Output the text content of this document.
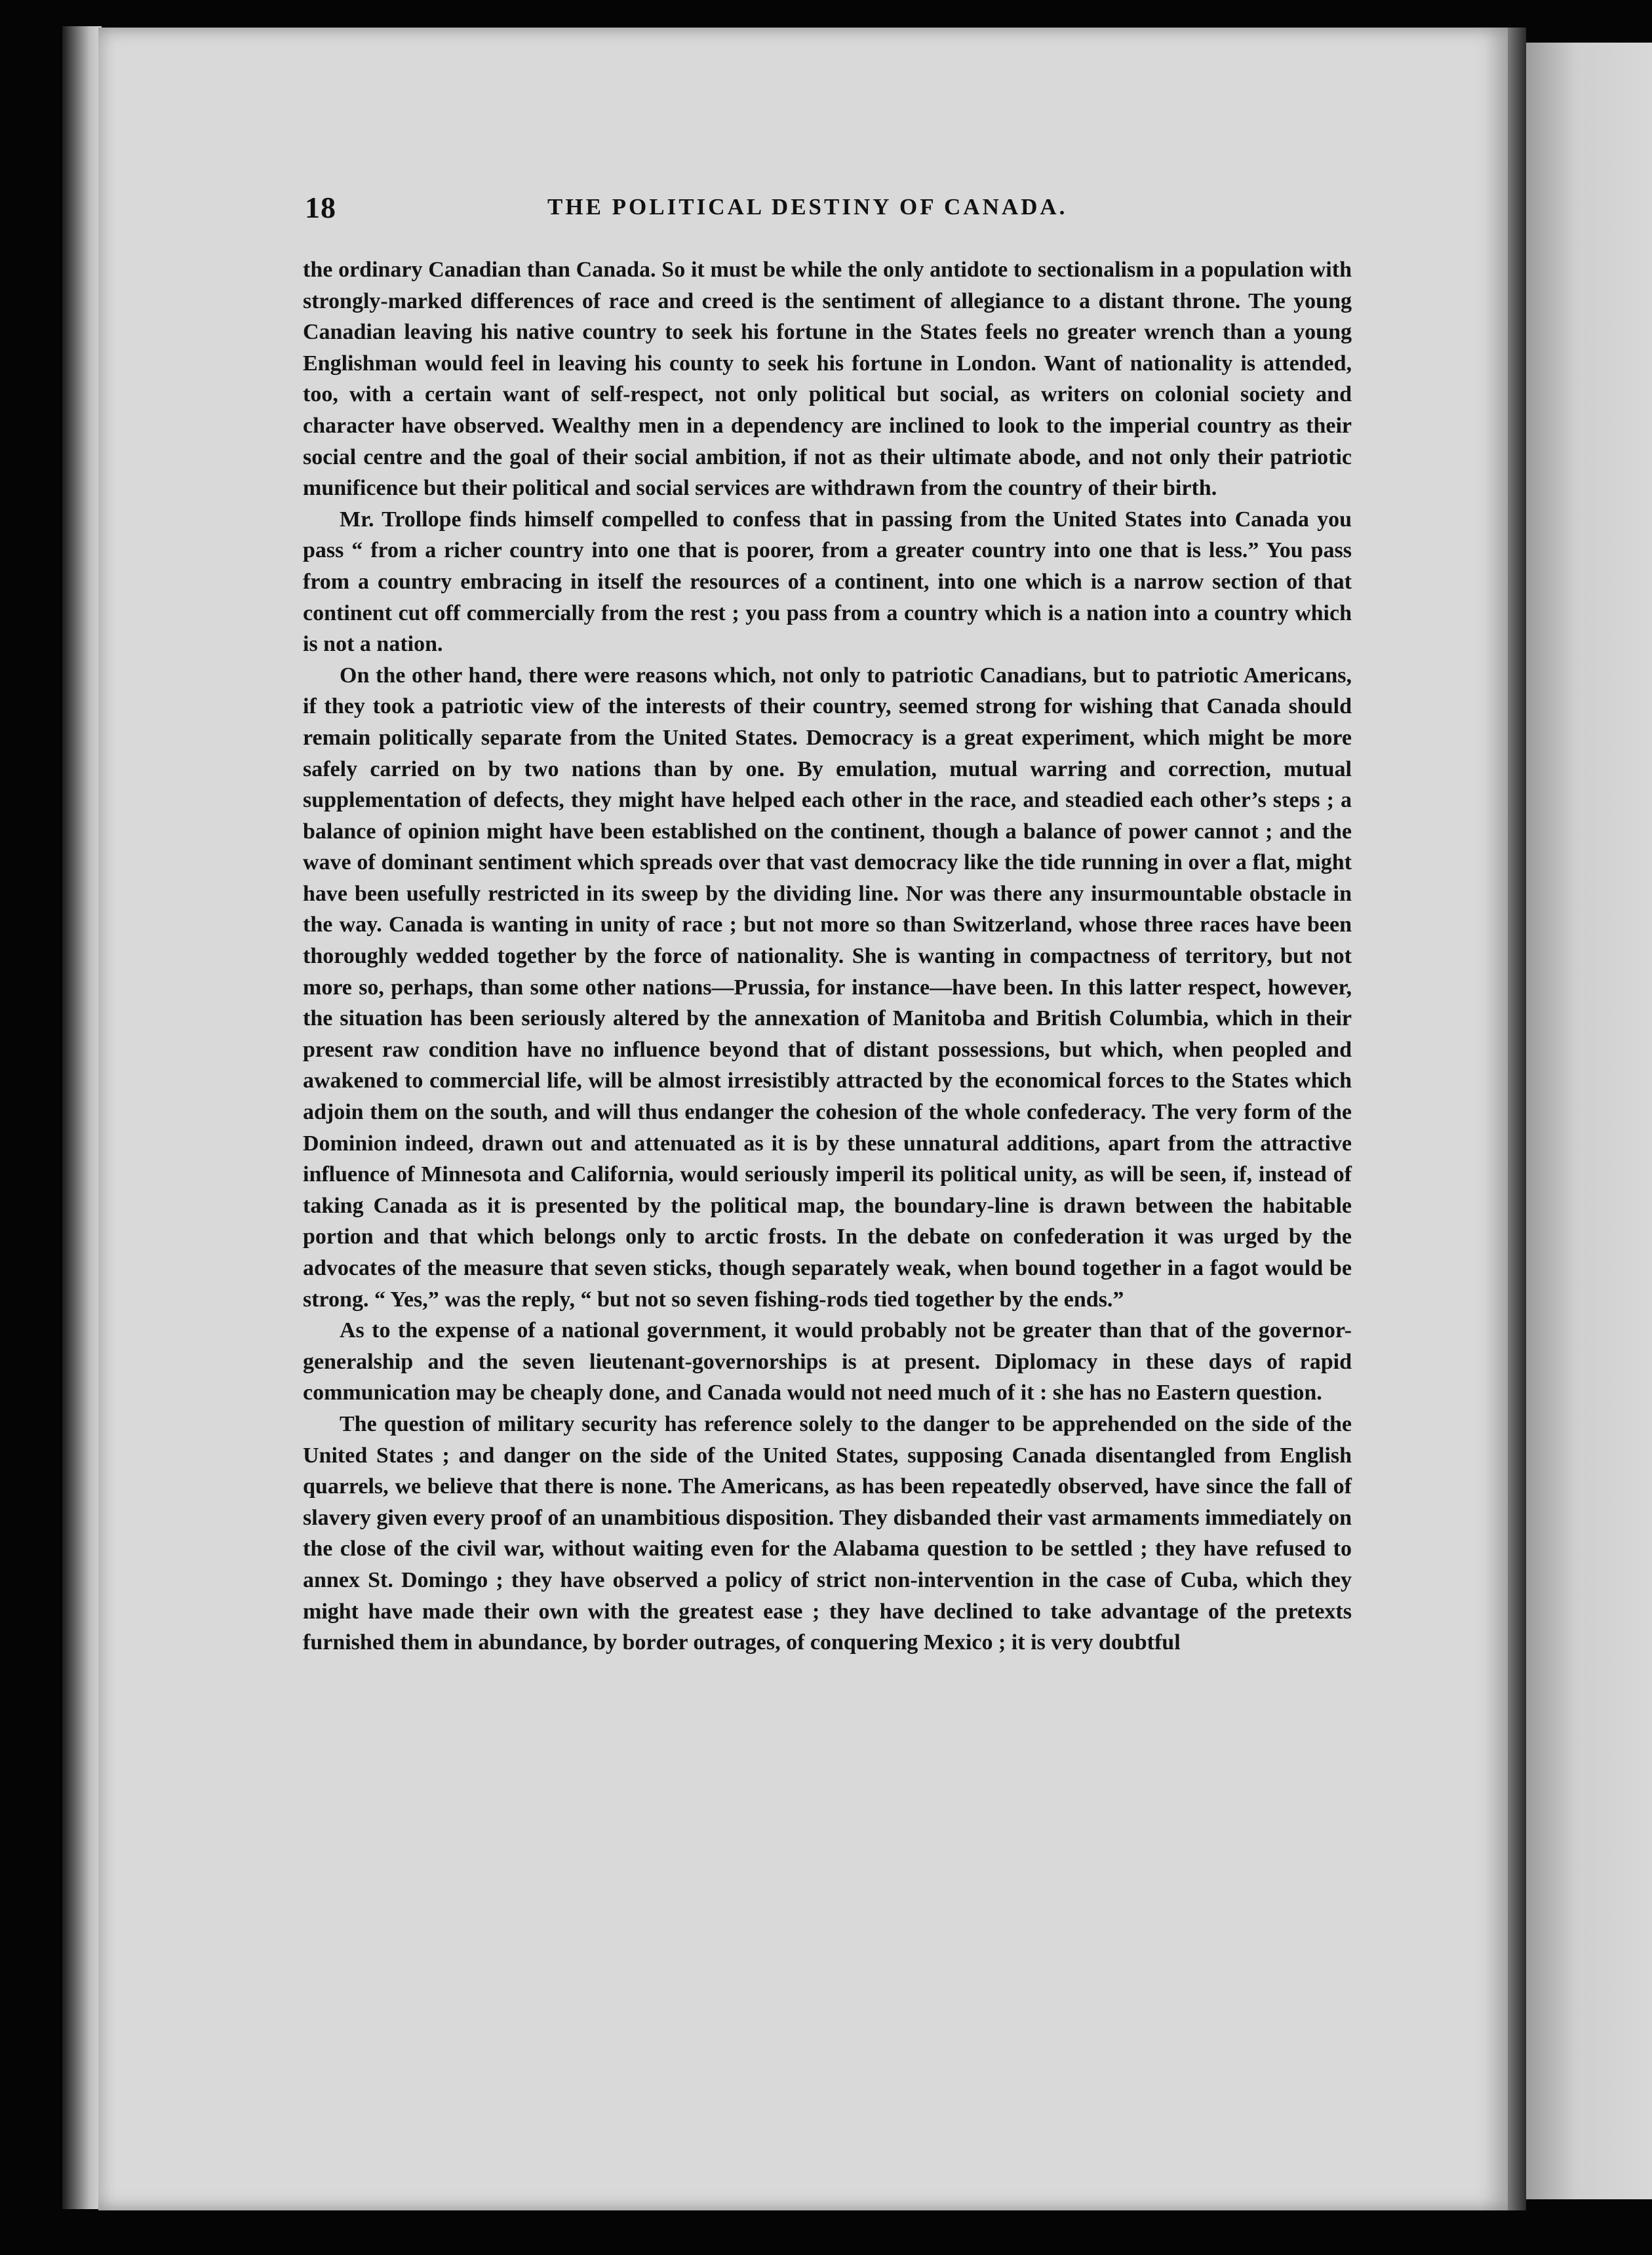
18	THE POLITICAL DESTINY OF CANADA.

the ordinary Canadian than Canada. So it must be while the only antidote to sectionalism in a population with strongly-marked differences of race and creed is the sentiment of allegiance to a distant throne. The young Canadian leaving his native country to seek his fortune in the States feels no greater wrench than a young Englishman would feel in leaving his county to seek his fortune in London. Want of nationality is attended, too, with a certain want of self-respect, not only political but social, as writers on colonial society and character have observed. Wealthy men in a dependency are inclined to look to the imperial country as their social centre and the goal of their social ambition, if not as their ultimate abode, and not only their patriotic munificence but their political and social services are withdrawn from the country of their birth.

Mr. Trollope finds himself compelled to confess that in passing from the United States into Canada you pass “ from a richer country into one that is poorer, from a greater country into one that is less.” You pass from a country embracing in itself the resources of a continent, into one which is a narrow section of that continent cut off commercially from the rest ; you pass from a country which is a nation into a country which is not a nation.

On the other hand, there were reasons which, not only to patriotic Canadians, but to patriotic Americans, if they took a patriotic view of the interests of their country, seemed strong for wishing that Canada should remain politically separate from the United States. Democracy is a great experiment, which might be more safely carried on by two nations than by one. By emulation, mutual warring and correction, mutual supplementation of defects, they might have helped each other in the race, and steadied each other’s steps ; a balance of opinion might have been established on the continent, though a balance of power cannot ; and the wave of dominant sentiment which spreads over that vast democracy like the tide running in over a flat, might have been usefully restricted in its sweep by the dividing line. Nor was there any insurmountable obstacle in the way. Canada is wanting in unity of race ; but not more so than Switzerland, whose three races have been thoroughly wedded together by the force of nationality. She is wanting in compactness of territory, but not more so, perhaps, than some other nations—Prussia, for instance—have been. In this latter respect, however, the situation has been seriously altered by the annexation of Manitoba and British Columbia, which in their present raw condition have no influence beyond that of distant possessions, but which, when peopled and awakened to commercial life, will be almost irresistibly attracted by the economical forces to the States which adjoin them on the south, and will thus endanger the cohesion of the whole confederacy. The very form of the Dominion indeed, drawn out and attenuated as it is by these unnatural additions, apart from the attractive influence of Minnesota and California, would seriously imperil its political unity, as will be seen, if, instead of taking Canada as it is presented by the political map, the boundary-line is drawn between the habitable portion and that which belongs only to arctic frosts. In the debate on confederation it was urged by the advocates of the measure that seven sticks, though separately weak, when bound together in a fagot would be strong. “ Yes,” was the reply, “ but not so seven fishing-rods tied together by the ends.”

As to the expense of a national government, it would probably not be greater than that of the governor-generalship and the seven lieutenant-governorships is at present. Diplomacy in these days of rapid communication may be cheaply done, and Canada would not need much of it : she has no Eastern question.

The question of military security has reference solely to the danger to be apprehended on the side of the United States ; and danger on the side of the United States, supposing Canada disentangled from English quarrels, we believe that there is none. The Americans, as has been repeatedly observed, have since the fall of slavery given every proof of an unambitious disposition. They disbanded their vast armaments immediately on the close of the civil war, without waiting even for the Alabama question to be settled ; they have refused to annex St. Domingo ; they have observed a policy of strict non-intervention in the case of Cuba, which they might have made their own with the greatest ease ; they have declined to take advantage of the pretexts furnished them in abundance, by border outrages, of conquering Mexico ; it is very doubtful
